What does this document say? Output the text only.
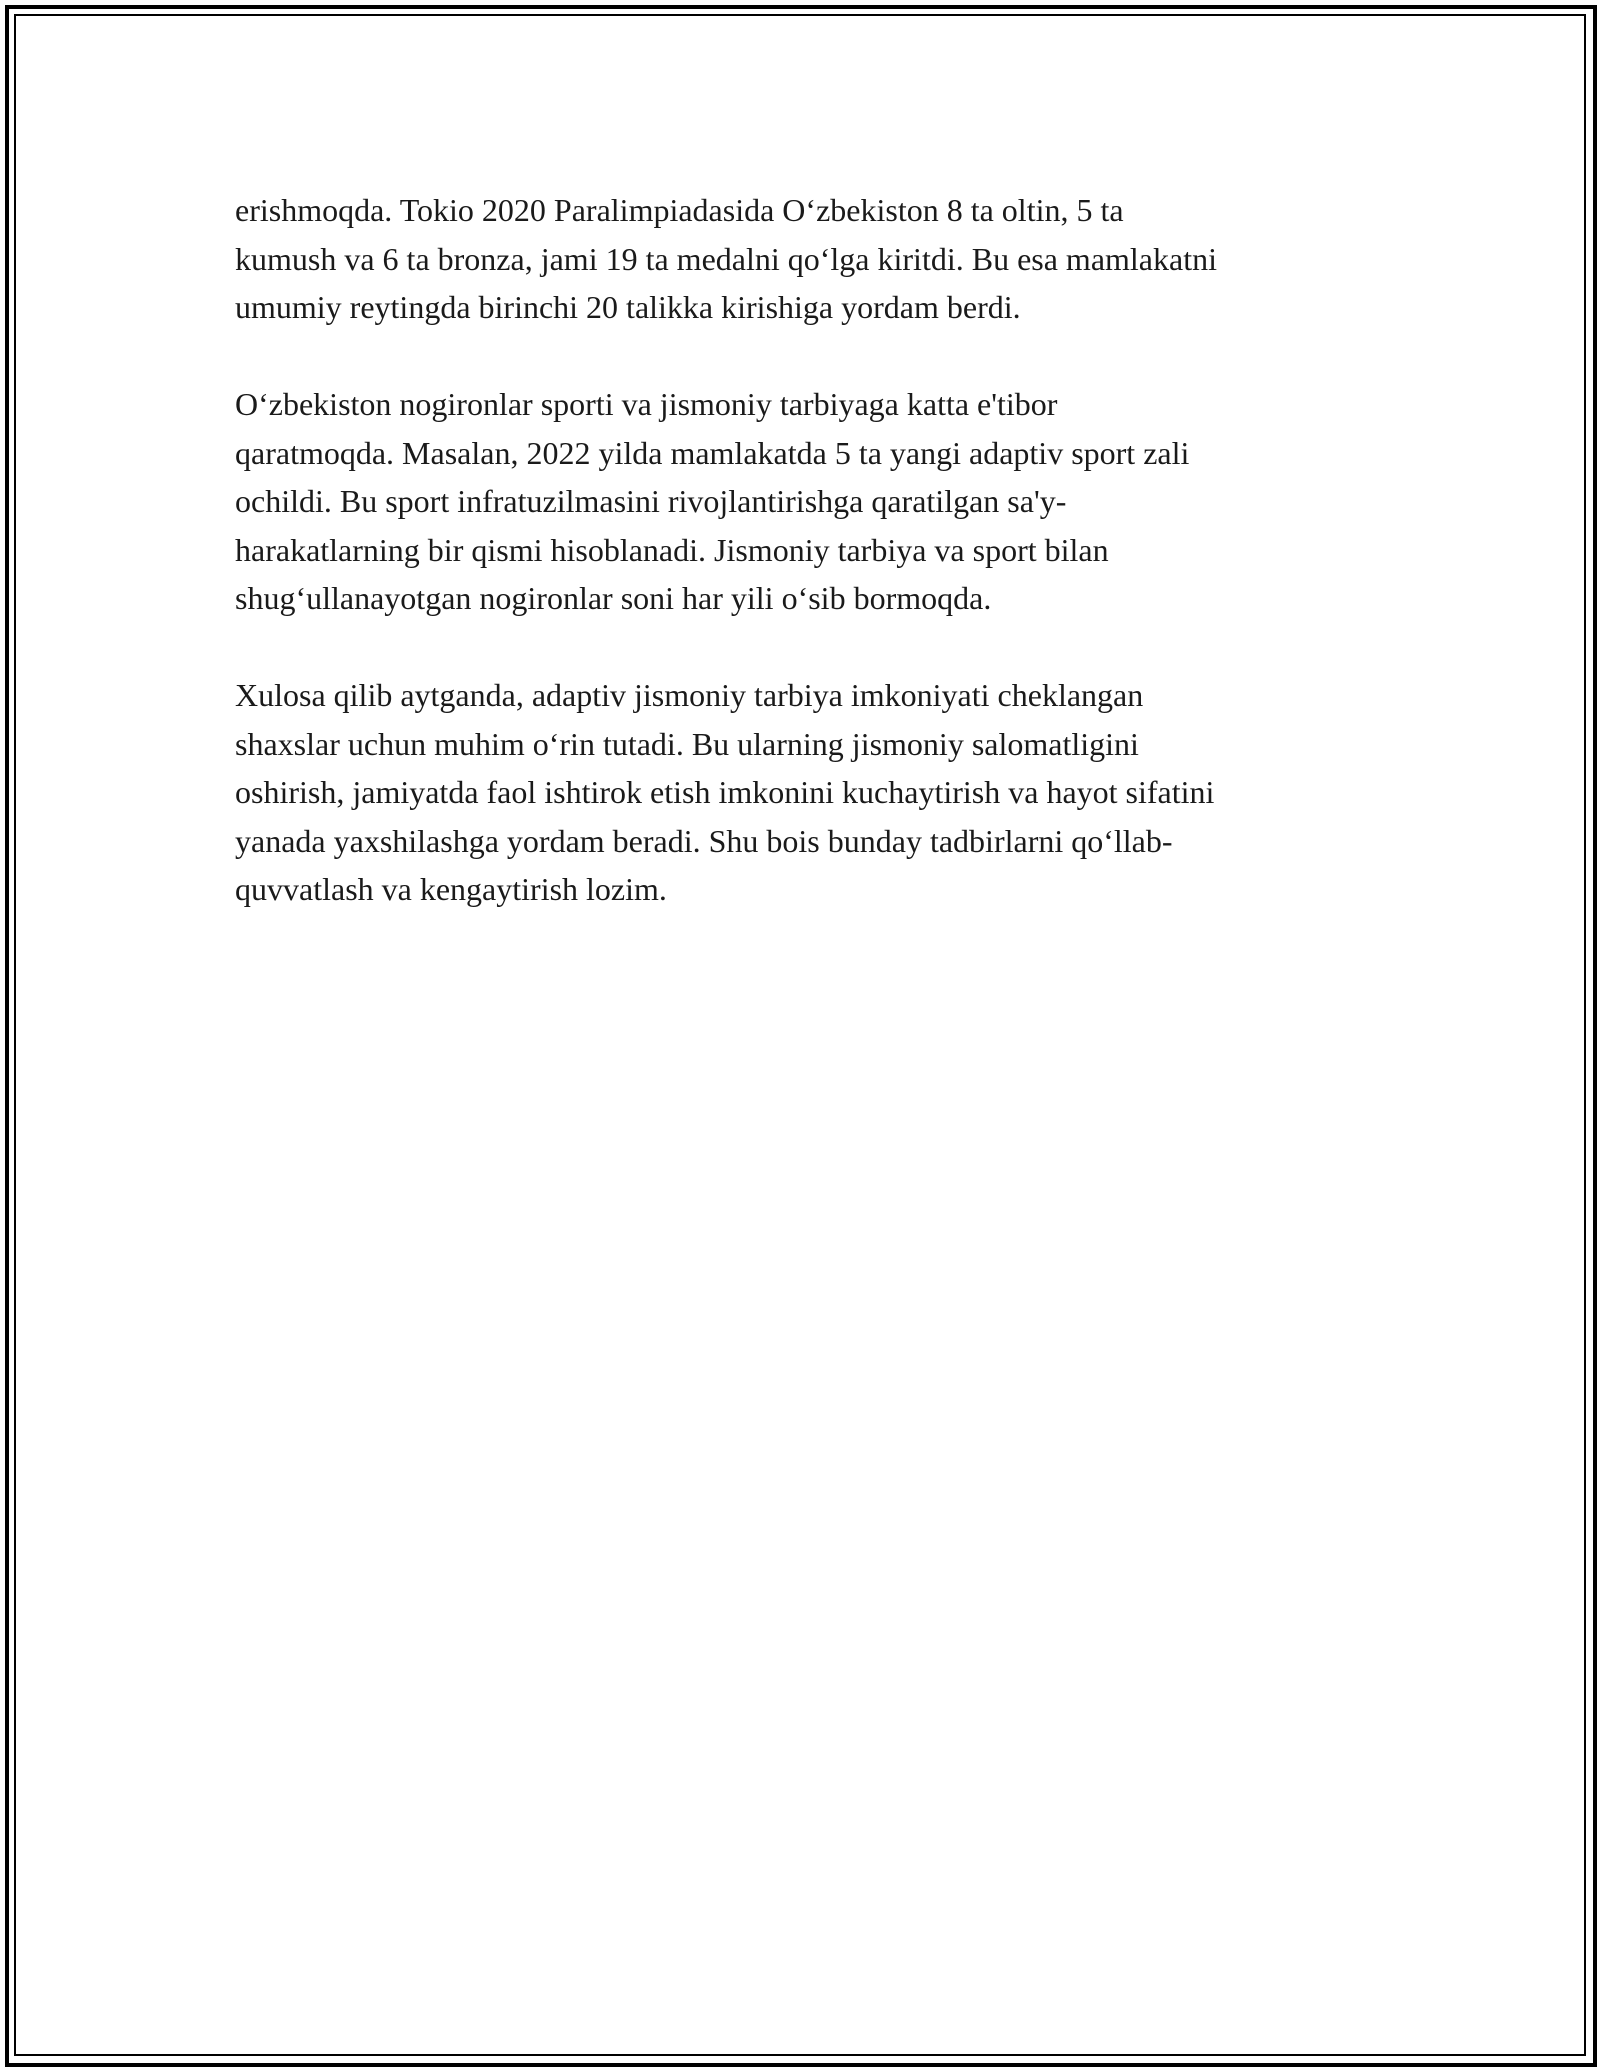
erishmoqda. Tokio 2020 Paralimpiadasida O‘zbekiston 8 ta oltin, 5 ta
kumush va 6 ta bronza, jami 19 ta medalni qo‘lga kiritdi. Bu esa mamlakatni
umumiy reytingda birinchi 20 talikka kirishiga yordam berdi.

O‘zbekiston nogironlar sporti va jismoniy tarbiyaga katta e'tibor
qaratmoqda. Masalan, 2022 yilda mamlakatda 5 ta yangi adaptiv sport zali
ochildi. Bu sport infratuzilmasini rivojlantirishga qaratilgan sa'y-
harakatlarning bir qismi hisoblanadi. Jismoniy tarbiya va sport bilan
shug‘ullanayotgan nogironlar soni har yili o‘sib bormoqda.

Xulosa qilib aytganda, adaptiv jismoniy tarbiya imkoniyati cheklangan
shaxslar uchun muhim o‘rin tutadi. Bu ularning jismoniy salomatligini
oshirish, jamiyatda faol ishtirok etish imkonini kuchaytirish va hayot sifatini
yanada yaxshilashga yordam beradi. Shu bois bunday tadbirlarni qo‘llab-
quvvatlash va kengaytirish lozim.
